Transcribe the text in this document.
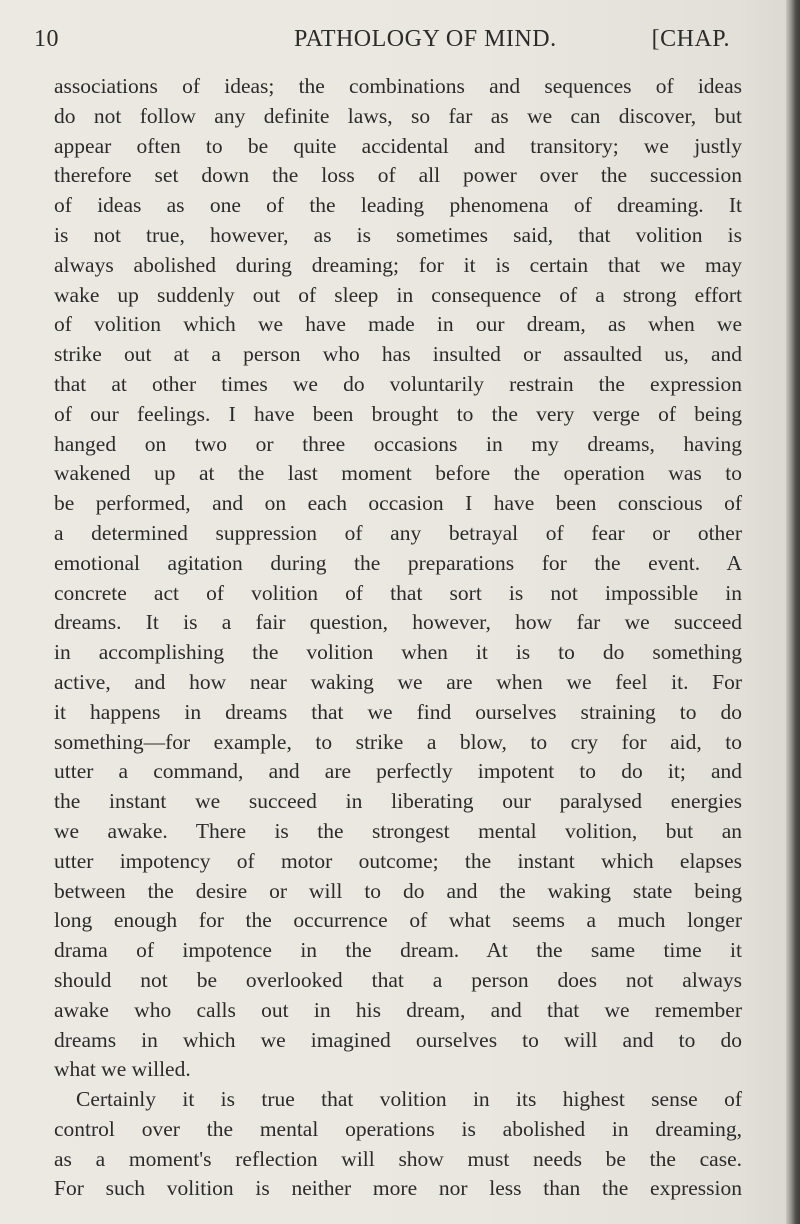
10	PATHOLOGY OF MIND.	[CHAP.
associations of ideas; the combinations and sequences of ideas
do not follow any definite laws, so far as we can discover, but
appear often to be quite accidental and transitory; we justly
therefore set down the loss of all power over the succession
of ideas as one of the leading phenomena of dreaming. It
is not true, however, as is sometimes said, that volition is
always abolished during dreaming; for it is certain that we may
wake up suddenly out of sleep in consequence of a strong effort
of volition which we have made in our dream, as when we
strike out at a person who has insulted or assaulted us, and
that at other times we do voluntarily restrain the expression
of our feelings. I have been brought to the very verge of being
hanged on two or three occasions in my dreams, having
wakened up at the last moment before the operation was to
be performed, and on each occasion I have been conscious of
a determined suppression of any betrayal of fear or other
emotional agitation during the preparations for the event. A
concrete act of volition of that sort is not impossible in
dreams. It is a fair question, however, how far we succeed
in accomplishing the volition when it is to do something
active, and how near waking we are when we feel it. For
it happens in dreams that we find ourselves straining to do
something—for example, to strike a blow, to cry for aid, to
utter a command, and are perfectly impotent to do it; and
the instant we succeed in liberating our paralysed energies
we awake. There is the strongest mental volition, but an
utter impotency of motor outcome; the instant which elapses
between the desire or will to do and the waking state being
long enough for the occurrence of what seems a much longer
drama of impotence in the dream. At the same time it
should not be overlooked that a person does not always
awake who calls out in his dream, and that we remember
dreams in which we imagined ourselves to will and to do
what we willed.
Certainly it is true that volition in its highest sense of
control over the mental operations is abolished in dreaming,
as a moment's reflection will show must needs be the case.
For such volition is neither more nor less than the expression
